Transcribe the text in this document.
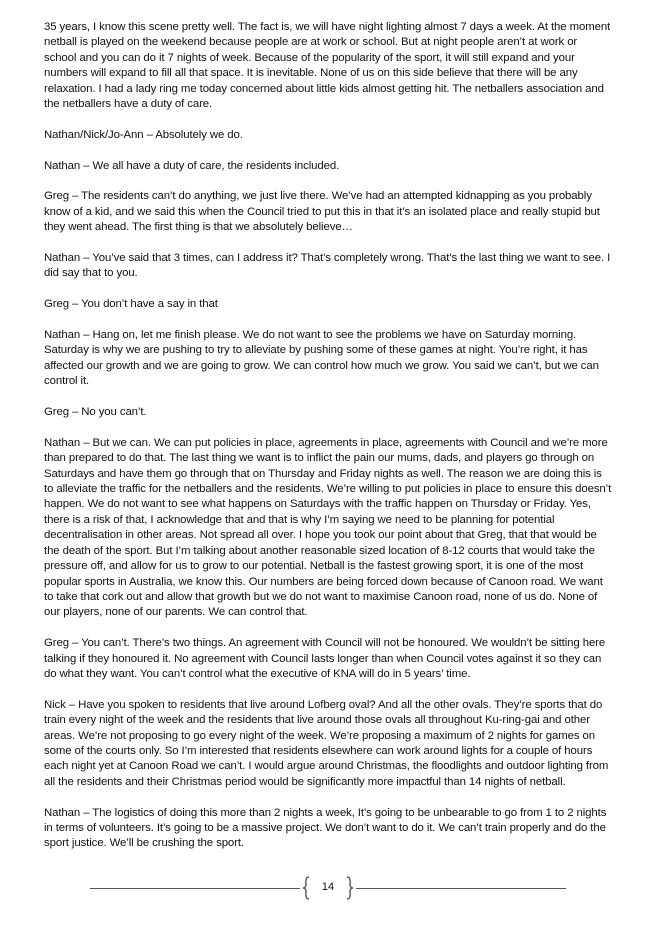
35 years, I know this scene pretty well. The fact is, we will have night lighting almost 7 days a week. At the moment netball is played on the weekend because people are at work or school. But at night people aren’t at work or school and you can do it 7 nights of week. Because of the popularity of the sport, it will still expand and your numbers will expand to fill all that space. It is inevitable. None of us on this side believe that there will be any relaxation. I had a lady ring me today concerned about little kids almost getting hit. The netballers association and the netballers have a duty of care.

Nathan/Nick/Jo-Ann – Absolutely we do.

Nathan – We all have a duty of care, the residents included.

Greg – The residents can’t do anything, we just live there. We’ve had an attempted kidnapping as you probably know of a kid, and we said this when the Council tried to put this in that it’s an isolated place and really stupid but they went ahead. The first thing is that we absolutely believe…

Nathan – You’ve said that 3 times, can I address it? That’s completely wrong. That’s the last thing we want to see. I did say that to you.

Greg – You don’t have a say in that

Nathan – Hang on, let me finish please. We do not want to see the problems we have on Saturday morning. Saturday is why we are pushing to try to alleviate by pushing some of these games at night. You’re right, it has affected our growth and we are going to grow. We can control how much we grow. You said we can’t, but we can control it.

Greg – No you can’t.

Nathan – But we can. We can put policies in place, agreements in place, agreements with Council and we’re more than prepared to do that. The last thing we want is to inflict the pain our mums, dads, and players go through on Saturdays and have them go through that on Thursday and Friday nights as well. The reason we are doing this is to alleviate the traffic for the netballers and the residents. We’re willing to put policies in place to ensure this doesn’t happen. We do not want to see what happens on Saturdays with the traffic happen on Thursday or Friday. Yes, there is a risk of that, I acknowledge that and that is why I’m saying we need to be planning for potential decentralisation in other areas. Not spread all over. I hope you took our point about that Greg, that that would be the death of the sport. But I’m talking about another reasonable sized location of 8-12 courts that would take the pressure off, and allow for us to grow to our potential. Netball is the fastest growing sport, it is one of the most popular sports in Australia, we know this. Our numbers are being forced down because of Canoon road. We want to take that cork out and allow that growth but we do not want to maximise Canoon road, none of us do. None of our players, none of our parents. We can control that.

Greg – You can’t. There’s two things. An agreement with Council will not be honoured. We wouldn’t be sitting here talking if they honoured it. No agreement with Council lasts longer than when Council votes against it so they can do what they want. You can’t control what the executive of KNA will do in 5 years’ time.

Nick – Have you spoken to residents that live around Lofberg oval? And all the other ovals. They’re sports that do train every night of the week and the residents that live around those ovals all throughout Ku-ring-gai and other areas. We’re not proposing to go every night of the week. We’re proposing a maximum of 2 nights for games on some of the courts only. So I’m interested that residents elsewhere can work around lights for a couple of hours each night yet at Canoon Road we can’t. I would argue around Christmas, the floodlights and outdoor lighting from all the residents and their Christmas period would be significantly more impactful than 14 nights of netball.

Nathan – The logistics of doing this more than 2 nights a week, It’s going to be unbearable to go from 1 to 2 nights in terms of volunteers. It’s going to be a massive project. We don’t want to do it. We can’t train properly and do the sport justice. We’ll be crushing the sport.

14
